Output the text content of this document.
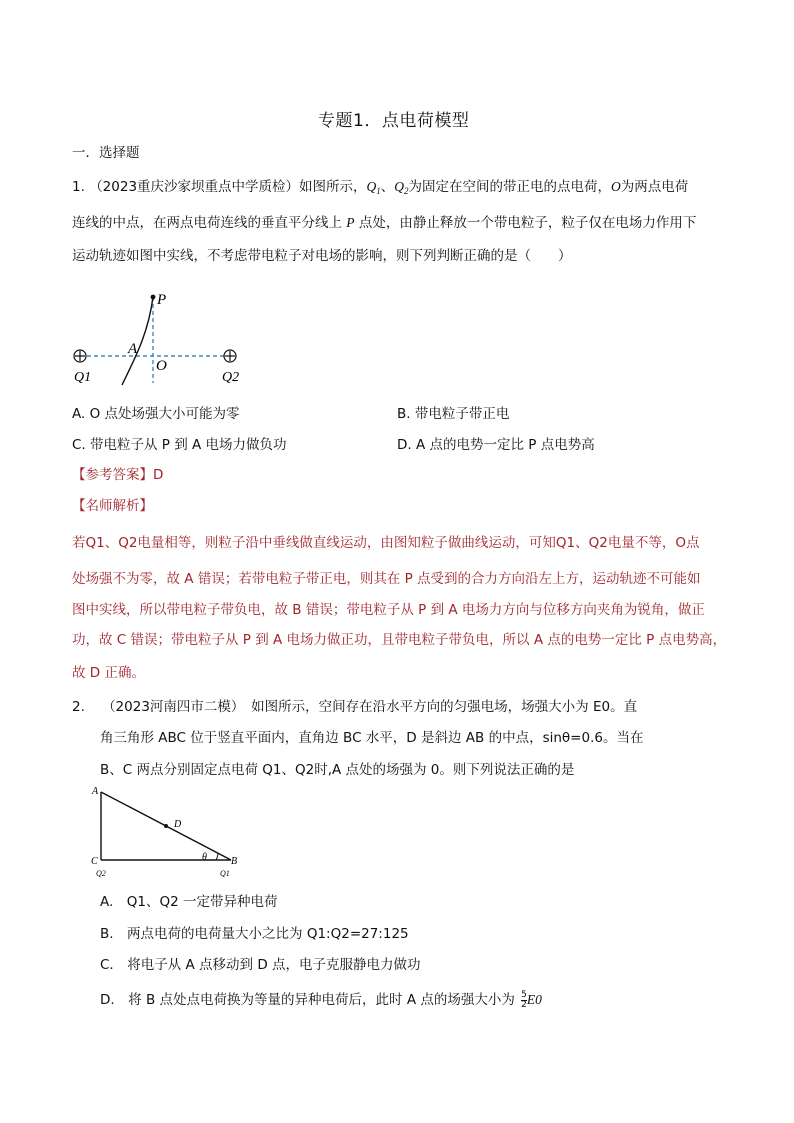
专题1．点电荷模型
一．选择题
1. （2023重庆沙家坝重点中学质检）如图所示，$Q_1$、$Q_2$为固定在空间的带正电的点电荷，O为两点电荷
连线的中点，在两点电荷连线的垂直平分线上 P 点处，由静止释放一个带电粒子，粒子仅在电场力作用下
运动轨迹如图中实线，不考虑带电粒子对电场的影响，则下列判断正确的是（　　）
P
A
O
Q1	Q2
A. O 点处场强大小可能为零	B. 带电粒子带正电
C. 带电粒子从 P 到 A 电场力做负功	D. A 点的电势一定比 P 点电势高
【参考答案】D
【名师解析】
若Q1、Q2电量相等，则粒子沿中垂线做直线运动，由图知粒子做曲线运动，可知Q1、Q2电量不等，O点
处场强不为零，故 A 错误；若带电粒子带正电，则其在 P 点受到的合力方向沿左上方，运动轨迹不可能如
图中实线，所以带电粒子带负电，故 B 错误；带电粒子从 P 到 A 电场力方向与位移方向夹角为锐角，做正
功，故 C 错误；带电粒子从 P 到 A 电场力做正功，且带电粒子带负电，所以 A 点的电势一定比 P 点电势高，
故 D 正确。
2. （2023河南四市二模）　如图所示，空间存在沿水平方向的匀强电场，场强大小为 E0。直
角三角形 ABC 位于竖直平面内，直角边 BC 水平，D 是斜边 AB 的中点，sinθ=0.6。当在
B、C 两点分别固定点电荷 Q1、Q2时,A 点处的场强为 0。则下列说法正确的是
A
D
θ
C	B
Q2	Q1
A.　Q1、Q2 一定带异种电荷
B.　两点电荷的电荷量大小之比为 Q1:Q2=27:125
C.　将电子从 A 点移动到 D 点，电子克服静电力做功
D.　将 B 点处点电荷换为等量的异种电荷后，此时 A 点的场强大小为 $\frac{5}{2} E0$
